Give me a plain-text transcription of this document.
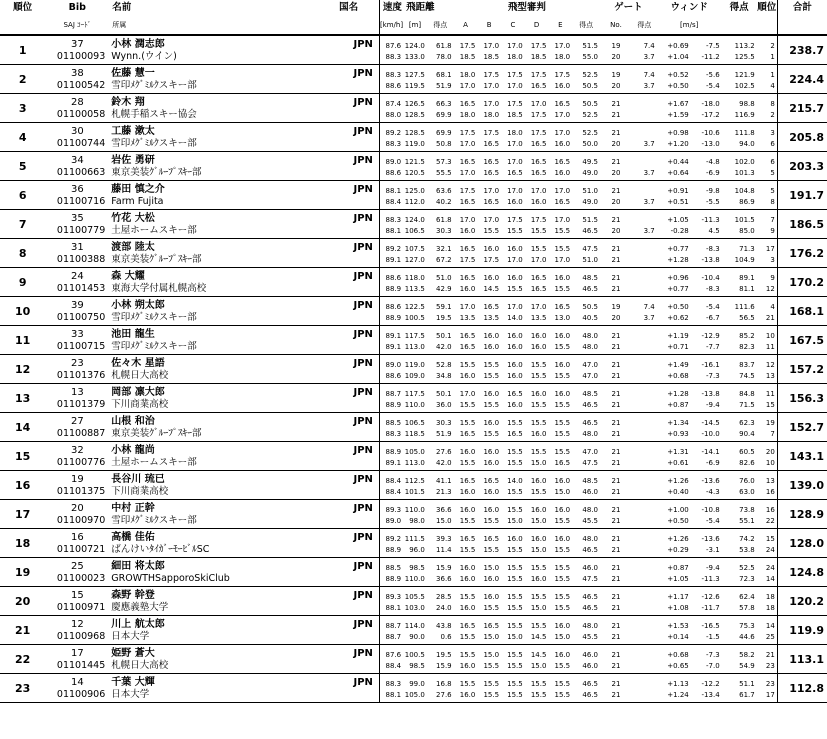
順位	Bib	名前	国名	速度	飛距離		飛型審判						ゲート		ウィンド		得点	順位	合計
	SAJ ｺｰﾄﾞ	所属		[km/h]	[m]	得点	A	B	C	D	E	得点	No.	得点	[m/s]				
1	37	小林 潤志郎	JPN	87.6	124.0	61.8	17.5	17.0	17.0	17.5	17.0	51.5	19	7.4	+0.69	-7.5	113.2	2	238.7
	01100093	Wynn.(ウイン)		88.3	133.0	78.0	18.5	18.5	18.0	18.5	18.0	55.0	20	3.7	+1.04	-11.2	125.5	1	
2	38	佐藤 慧一	JPN	88.3	127.5	68.1	18.0	17.5	17.5	17.5	17.5	52.5	19	7.4	+0.52	-5.6	121.9	1	224.4
	01100542	雪印ﾒｸﾞﾐﾙｸスキー部		88.6	119.5	51.9	17.0	17.0	17.0	16.5	16.0	50.5	20	3.7	+0.50	-5.4	102.5	4	
3	28	鈴木 翔	JPN	87.4	126.5	66.3	16.5	17.0	17.5	17.0	16.5	50.5	21		+1.67	-18.0	98.8	8	215.7
	01100058	札幌手稲スキー協会		88.0	128.5	69.9	18.0	18.0	18.5	17.5	17.0	52.5	21		+1.59	-17.2	116.9	2	
4	30	工藤 漱太	JPN	89.2	128.5	69.9	17.5	17.5	18.0	17.5	17.0	52.5	21		+0.98	-10.6	111.8	3	205.8
	01100744	雪印ﾒｸﾞﾐﾙｸスキー部		88.3	119.0	50.8	17.0	16.5	17.0	16.5	16.0	50.0	20	3.7	+1.20	-13.0	94.0	6	
5	34	岩佐 勇研	JPN	89.0	121.5	57.3	16.5	16.5	17.0	16.5	16.5	49.5	21		+0.44	-4.8	102.0	6	203.3
	01100663	東京美装ｸﾞﾙｰﾌﾟｽｷｰ部		88.6	120.5	55.5	17.0	16.5	16.5	16.5	16.0	49.0	20	3.7	+0.64	-6.9	101.3	5	
6	36	藤田 慎之介	JPN	88.1	125.0	63.6	17.5	17.0	17.0	17.0	17.0	51.0	21		+0.91	-9.8	104.8	5	191.7
	01100716	Farm Fujita		88.4	112.0	40.2	16.5	16.5	16.0	16.0	16.5	49.0	20	3.7	+0.51	-5.5	86.9	8	
7	35	竹花 大松	JPN	88.3	124.0	61.8	17.0	17.0	17.5	17.5	17.0	51.5	21		+1.05	-11.3	101.5	7	186.5
	01100779	土屋ホームスキー部		88.1	106.5	30.3	16.0	15.5	15.5	15.5	15.5	46.5	20	3.7	-0.28	4.5	85.0	9	
8	31	渡部 陸太	JPN	89.2	107.5	32.1	16.5	16.0	16.0	15.5	15.5	47.5	21		+0.77	-8.3	71.3	17	176.2
	01100388	東京美装ｸﾞﾙｰﾌﾟｽｷｰ部		89.1	127.0	67.2	17.5	17.5	17.0	17.0	17.0	51.0	21		+1.28	-13.8	104.9	3	
9	24	森 大耀	JPN	88.6	118.0	51.0	16.5	16.0	16.0	16.5	16.0	48.5	21		+0.96	-10.4	89.1	9	170.2
	01101453	東海大学付属札幌高校		88.9	113.5	42.9	16.0	14.5	15.5	16.5	15.5	46.5	21		+0.77	-8.3	81.1	12	
10	39	小林 朔太郎	JPN	88.6	122.5	59.1	17.0	16.5	17.0	17.0	16.5	50.5	19	7.4	+0.50	-5.4	111.6	4	168.1
	01100750	雪印ﾒｸﾞﾐﾙｸスキー部		88.9	100.5	19.5	13.5	13.5	14.0	13.5	13.0	40.5	20	3.7	+0.62	-6.7	56.5	21	
11	33	池田 龍生	JPN	89.1	117.5	50.1	16.5	16.0	16.0	16.0	16.0	48.0	21		+1.19	-12.9	85.2	10	167.5
	01100715	雪印ﾒｸﾞﾐﾙｸスキー部		89.1	113.0	42.0	16.5	16.0	16.0	16.0	15.5	48.0	21		+0.71	-7.7	82.3	11	
12	23	佐々木 星語	JPN	89.0	119.0	52.8	15.5	15.5	16.0	15.5	16.0	47.0	21		+1.49	-16.1	83.7	12	157.2
	01101376	札幌日大高校		88.6	109.0	34.8	16.0	15.5	16.0	15.5	15.5	47.0	21		+0.68	-7.3	74.5	13	
13	13	岡部 凛大郎	JPN	88.7	117.5	50.1	17.0	16.0	16.5	16.0	16.0	48.5	21		+1.28	-13.8	84.8	11	156.3
	01101379	下川商業高校		88.9	110.0	36.0	15.5	15.5	16.0	15.5	15.5	46.5	21		+0.87	-9.4	71.5	15	
14	27	山根 和治	JPN	88.5	106.5	30.3	15.5	16.0	15.5	15.5	15.5	46.5	21		+1.34	-14.5	62.3	19	152.7
	01100887	東京美装ｸﾞﾙｰﾌﾟｽｷｰ部		88.3	118.5	51.9	16.5	15.5	16.5	16.0	15.5	48.0	21		+0.93	-10.0	90.4	7	
15	32	小林 龍尚	JPN	88.9	105.0	27.6	16.0	16.0	15.5	15.5	15.5	47.0	21		+1.31	-14.1	60.5	20	143.1
	01100776	土屋ホームスキー部		89.1	113.0	42.0	15.5	16.0	15.5	15.0	16.5	47.5	21		+0.61	-6.9	82.6	10	
16	19	長谷川 琉已	JPN	88.4	112.5	41.1	16.5	16.5	14.0	16.0	16.0	48.5	21		+1.26	-13.6	76.0	13	139.0
	01101375	下川商業高校		88.4	101.5	21.3	16.0	16.0	15.5	15.5	15.0	46.0	21		+0.40	-4.3	63.0	16	
17	20	中村 正幹	JPN	89.3	110.0	36.6	16.0	16.0	15.5	16.0	16.0	48.0	21		+1.00	-10.8	73.8	16	128.9
	01100970	雪印ﾒｸﾞﾐﾙｸスキー部		89.0	98.0	15.0	15.5	15.5	15.0	15.0	15.5	45.5	21		+0.50	-5.4	55.1	22	
18	16	高橋 佳佑	JPN	89.2	111.5	39.3	16.5	16.5	16.0	16.0	16.0	48.0	21		+1.26	-13.6	74.2	15	128.0
	01100721	ばんけいﾀｲｶﾞｰﾓｰﾋﾞﾙSC		88.9	96.0	11.4	15.5	15.5	15.5	15.0	15.5	46.5	21		+0.29	-3.1	53.8	24	
19	25	細田 将太郎	JPN	88.5	98.5	15.9	16.0	15.0	15.5	15.5	15.5	46.0	21		+0.87	-9.4	52.5	24	124.8
	01100023	GROWTHSapporoSkiClub		88.9	110.0	36.6	16.0	16.0	15.5	16.0	15.5	47.5	21		+1.05	-11.3	72.3	14	
20	15	森野 幹登	JPN	89.3	105.5	28.5	15.5	16.0	15.5	15.5	15.5	46.5	21		+1.17	-12.6	62.4	18	120.2
	01100971	慶應義塾大学		88.1	103.0	24.0	16.0	15.5	15.5	15.0	15.5	46.5	21		+1.08	-11.7	57.8	18	
21	12	川上 航太郎	JPN	88.7	114.0	43.8	16.5	16.5	15.5	15.5	16.0	48.0	21		+1.53	-16.5	75.3	14	119.9
	01100968	日本大学		88.7	90.0	0.6	15.5	15.0	15.0	14.5	15.0	45.5	21		+0.14	-1.5	44.6	25	
22	17	姫野 蒼大	JPN	87.6	100.5	19.5	15.5	15.0	15.5	14.5	16.0	46.0	21		+0.68	-7.3	58.2	21	113.1
	01101445	札幌日大高校		88.4	98.5	15.9	16.0	15.5	15.5	15.0	15.5	46.0	21		+0.65	-7.0	54.9	23	
23	14	千葉 大輝	JPN	88.3	99.0	16.8	15.5	15.5	15.5	15.5	15.5	46.5	21		+1.13	-12.2	51.1	23	112.8
	01100906	日本大学		88.1	105.0	27.6	16.0	15.5	15.5	15.5	15.5	46.5	21		+1.24	-13.4	61.7	17	
